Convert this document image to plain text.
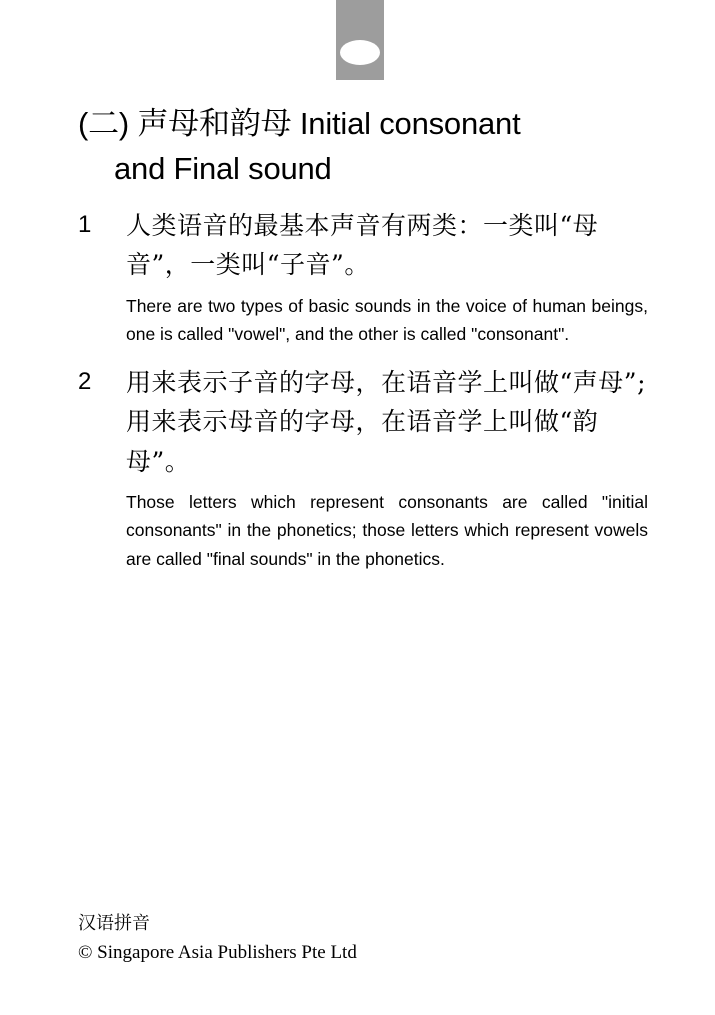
2
(二) 声母和韵母 Initial consonant
and Final sound
1	人类语音的最基本声音有两类：一类叫“母音”，一类叫“子音”。

There are two types of basic sounds in the voice of human beings, one is called "vowel", and the other is called "consonant".

2	用来表示子音的字母，在语音学上叫做“声母”; 用来表示母音的字母，在语音学上叫做“韵母”。

Those letters which represent consonants are called "initial consonants" in the phonetics; those letters which represent vowels are called "final sounds" in the phonetics.

汉语拼音

© Singapore Asia Publishers Pte Ltd
